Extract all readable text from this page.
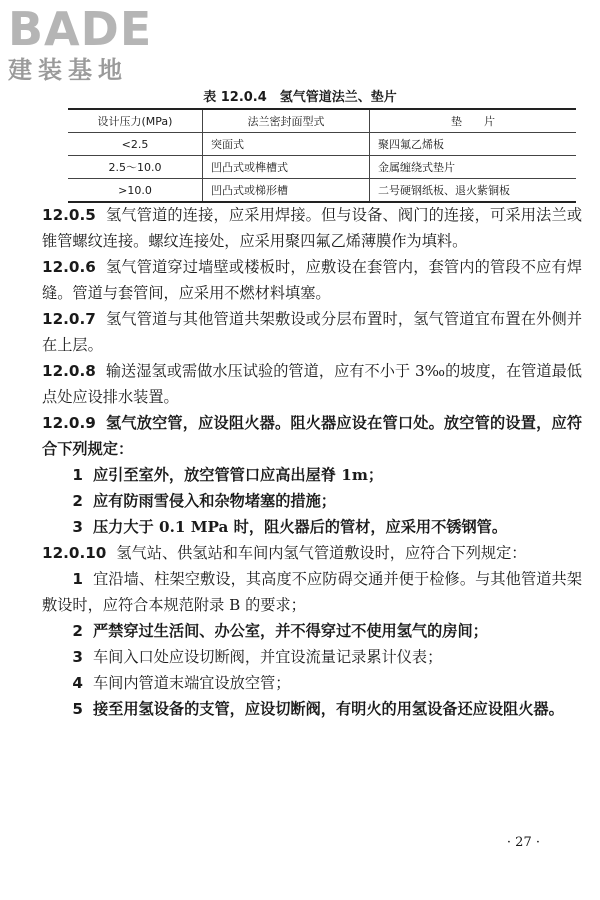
BADE
建装基地
表 12.0.4　氢气管道法兰、垫片
设计压力(MPa)	法兰密封面型式	垫　　片
<2.5	突面式	聚四氟乙烯板
2.5～10.0	凹凸式或榫槽式	金属缠绕式垫片
>10.0	凹凸式或梯形槽	二号硬钢纸板、退火紫铜板

12.0.5 氢气管道的连接，应采用焊接。但与设备、阀门的连接，可采用法兰或锥管螺纹连接。螺纹连接处，应采用聚四氟乙烯薄膜作为填料。

12.0.6 氢气管道穿过墙壁或楼板时，应敷设在套管内，套管内的管段不应有焊缝。管道与套管间，应采用不燃材料填塞。

12.0.7 氢气管道与其他管道共架敷设或分层布置时，氢气管道宜布置在外侧并在上层。

12.0.8 输送湿氢或需做水压试验的管道，应有不小于 3‰的坡度，在管道最低点处应设排水装置。

12.0.9 氢气放空管，应设阻火器。阻火器应设在管口处。放空管的设置，应符合下列规定：

1 应引至室外，放空管管口应高出屋脊 1m；

2 应有防雨雪侵入和杂物堵塞的措施；

3 压力大于 0.1 MPa 时，阻火器后的管材，应采用不锈钢管。

12.0.10 氢气站、供氢站和车间内氢气管道敷设时，应符合下列规定：

1 宜沿墙、柱架空敷设，其高度不应防碍交通并便于检修。与其他管道共架敷设时，应符合本规范附录 B 的要求；

2 严禁穿过生活间、办公室，并不得穿过不使用氢气的房间；

3 车间入口处应设切断阀，并宜设流量记录累计仪表；

4 车间内管道末端宜设放空管；

5 接至用氢设备的支管，应设切断阀，有明火的用氢设备还应设阻火器。

· 27 ·
